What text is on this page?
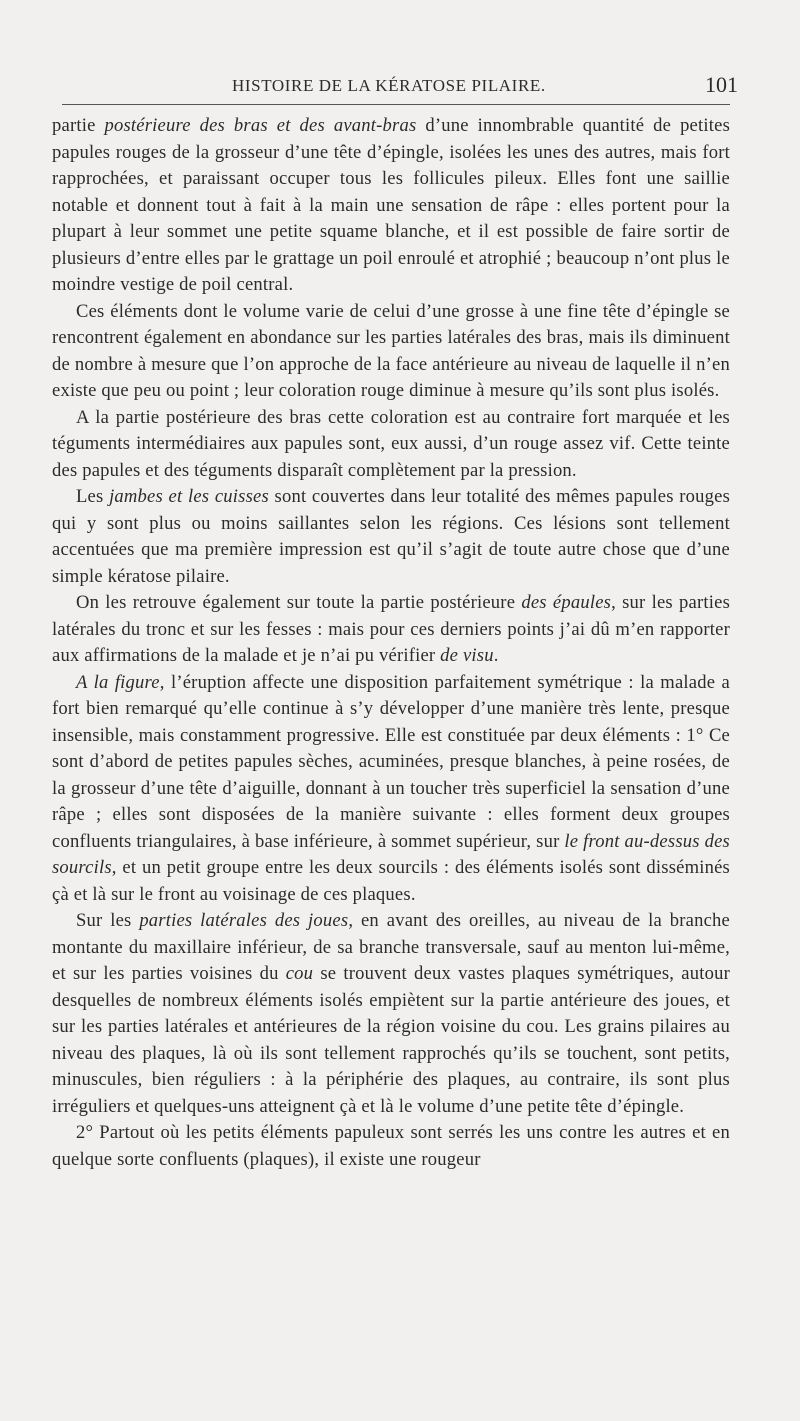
HISTOIRE DE LA KÉRATOSE PILAIRE.	101

partie postérieure des bras et des avant-bras d’une innombrable quantité de petites papules rouges de la grosseur d’une tête d’épingle, isolées les unes des autres, mais fort rapprochées, et paraissant occuper tous les follicules pileux. Elles font une saillie notable et donnent tout à fait à la main une sensation de râpe : elles portent pour la plupart à leur sommet une petite squame blanche, et il est possible de faire sortir de plusieurs d’entre elles par le grattage un poil enroulé et atrophié ; beaucoup n’ont plus le moindre vestige de poil central.

Ces éléments dont le volume varie de celui d’une grosse à une fine tête d’épingle se rencontrent également en abondance sur les parties latérales des bras, mais ils diminuent de nombre à mesure que l’on approche de la face antérieure au niveau de laquelle il n’en existe que peu ou point ; leur coloration rouge diminue à mesure qu’ils sont plus isolés.

A la partie postérieure des bras cette coloration est au contraire fort marquée et les téguments intermédiaires aux papules sont, eux aussi, d’un rouge assez vif. Cette teinte des papules et des téguments disparaît complètement par la pression.

Les jambes et les cuisses sont couvertes dans leur totalité des mêmes papules rouges qui y sont plus ou moins saillantes selon les régions. Ces lésions sont tellement accentuées que ma première impression est qu’il s’agit de toute autre chose que d’une simple kératose pilaire.

On les retrouve également sur toute la partie postérieure des épaules, sur les parties latérales du tronc et sur les fesses : mais pour ces derniers points j’ai dû m’en rapporter aux affirmations de la malade et je n’ai pu vérifier de visu.

A la figure, l’éruption affecte une disposition parfaitement symétrique : la malade a fort bien remarqué qu’elle continue à s’y développer d’une manière très lente, presque insensible, mais constamment progressive. Elle est constituée par deux éléments : 1° Ce sont d’abord de petites papules sèches, acuminées, presque blanches, à peine rosées, de la grosseur d’une tête d’aiguille, donnant à un toucher très superficiel la sensation d’une râpe ; elles sont disposées de la manière suivante : elles forment deux groupes confluents triangulaires, à base inférieure, à sommet supérieur, sur le front au-dessus des sourcils, et un petit groupe entre les deux sourcils : des éléments isolés sont disséminés çà et là sur le front au voisinage de ces plaques.

Sur les parties latérales des joues, en avant des oreilles, au niveau de la branche montante du maxillaire inférieur, de sa branche transversale, sauf au menton lui-même, et sur les parties voisines du cou se trouvent deux vastes plaques symétriques, autour desquelles de nombreux éléments isolés empiètent sur la partie antérieure des joues, et sur les parties latérales et antérieures de la région voisine du cou. Les grains pilaires au niveau des plaques, là où ils sont tellement rapprochés qu’ils se touchent, sont petits, minuscules, bien réguliers : à la périphérie des plaques, au contraire, ils sont plus irréguliers et quelques-uns atteignent çà et là le volume d’une petite tête d’épingle.

2° Partout où les petits éléments papuleux sont serrés les uns contre les autres et en quelque sorte confluents (plaques), il existe une rougeur
